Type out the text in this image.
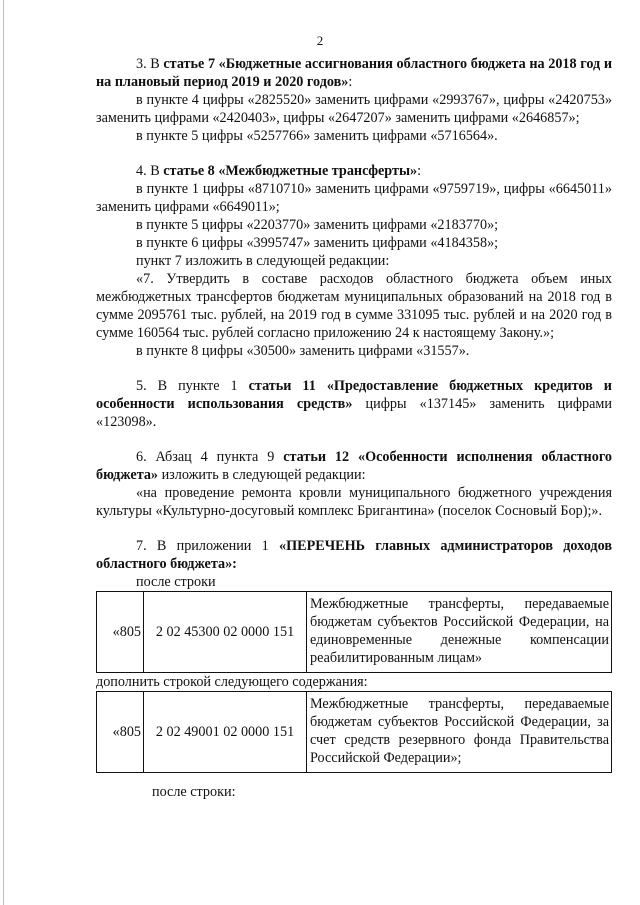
2

3. В статье 7 «Бюджетные ассигнования областного бюджета на 2018 год и на плановый период 2019 и 2020 годов»:

в пункте 4 цифры «2825520» заменить цифрами «2993767», цифры «2420753» заменить цифрами «2420403», цифры «2647207» заменить цифрами «2646857»;

в пункте 5 цифры «5257766» заменить цифрами «5716564».

4. В статье 8 «Межбюджетные трансферты»:

в пункте 1 цифры «8710710» заменить цифрами «9759719», цифры «6645011» заменить цифрами «6649011»;

в пункте 5 цифры «2203770» заменить цифрами «2183770»;

в пункте 6 цифры «3995747» заменить цифрами «4184358»;

пункт 7 изложить в следующей редакции:

«7. Утвердить в составе расходов областного бюджета объем иных межбюджетных трансфертов бюджетам муниципальных образований на 2018 год в сумме 2095761 тыс. рублей, на 2019 год в сумме 331095 тыс. рублей и на 2020 год в сумме 160564 тыс. рублей согласно приложению 24 к настоящему Закону.»;

в пункте 8 цифры «30500» заменить цифрами «31557».

5. В пункте 1 статьи 11 «Предоставление бюджетных кредитов и особенности использования средств» цифры «137145» заменить цифрами «123098».

6. Абзац 4 пункта 9 статьи 12 «Особенности исполнения областного бюджета» изложить в следующей редакции:

«на проведение ремонта кровли муниципального бюджетного учреждения культуры «Культурно-досуговый комплекс Бригантина» (поселок Сосновый Бор);».

7. В приложении 1 «ПЕРЕЧЕНЬ главных администраторов доходов областного бюджета»:

после строки

«805	2 02 45300 02 0000 151	Межбюджетные трансферты, передаваемые бюджетам субъектов Российской Федерации, на единовременные денежные компенсации реабилитированным лицам»

дополнить строкой следующего содержания:

«805	2 02 49001 02 0000 151	Межбюджетные трансферты, передаваемые бюджетам субъектов Российской Федерации, за счет средств резервного фонда Правительства Российской Федерации»;

после строки:
